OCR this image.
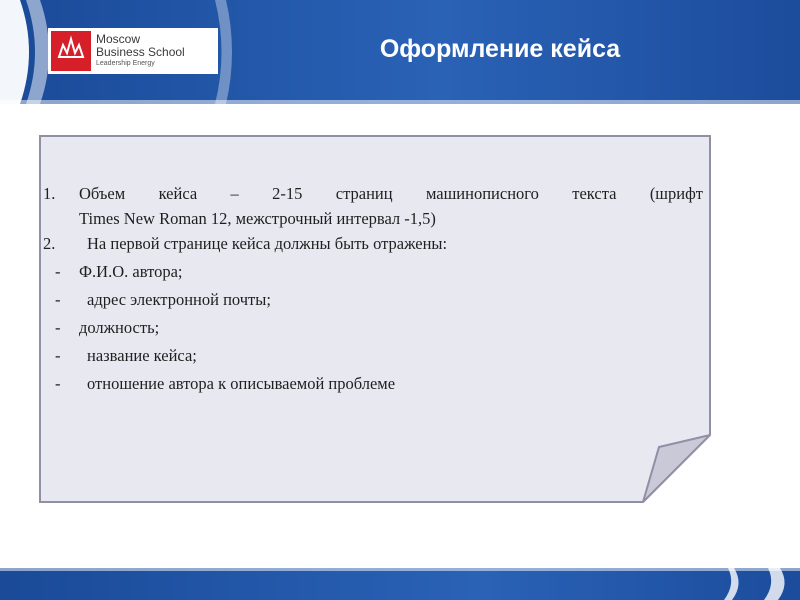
Moscow
Business School
Leadership Energy
Оформление кейса
1.	Объем кейса – 2-15 страниц машинописного текста (шрифт
Times New Roman 12, межстрочный интервал -1,5)
2.	На первой странице кейса должны быть отражены:
- Ф.И.О. автора;
- адрес электронной почты;
- должность;
- название кейса;
- отношение автора к описываемой проблеме
